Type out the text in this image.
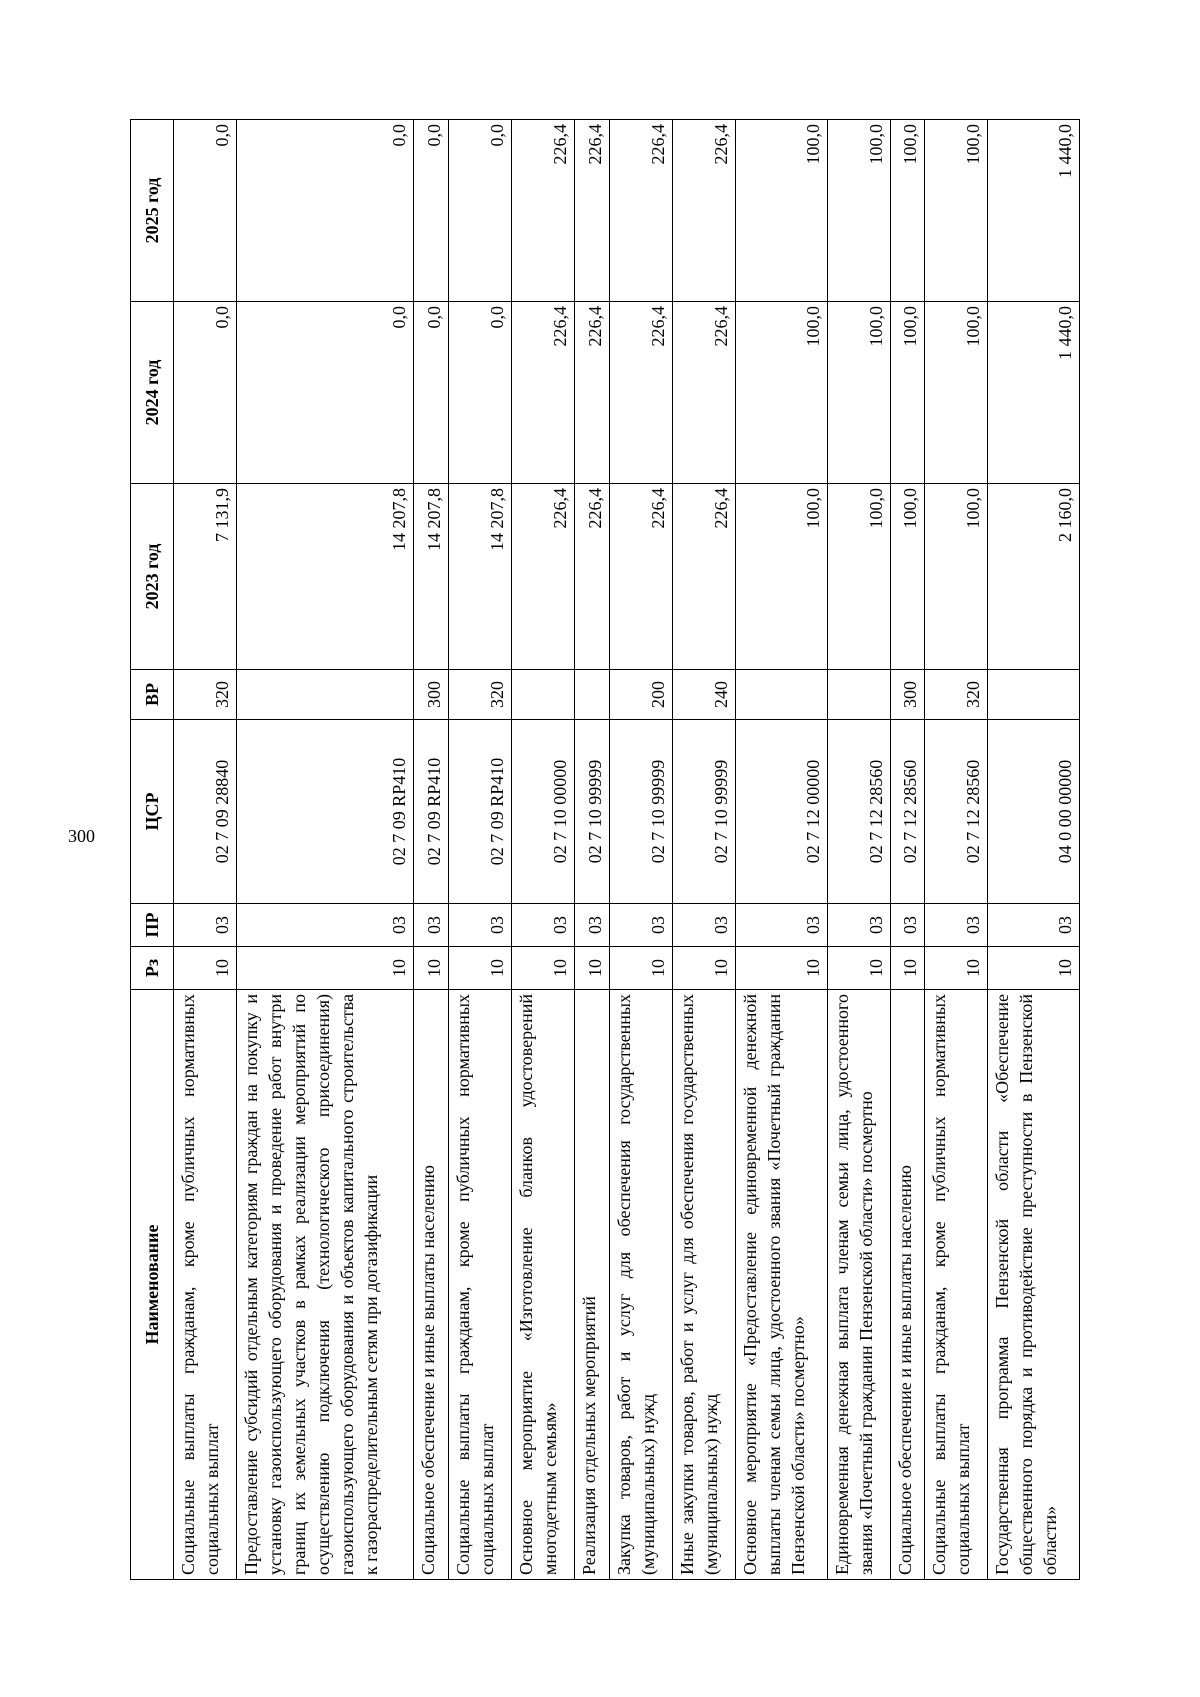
300
Наименование	Рз	ПР	ЦСР	ВР	2023 год	2024 год	2025 год
Социальные выплаты гражданам, кроме публичных нормативных социальных выплат	10	03	02 7 09 28840	320	7 131,9	0,0	0,0
Предоставление субсидий отдельным категориям граждан на покупку и установку газоиспользующего оборудования и проведение работ внутри границ их земельных участков в рамках реализации мероприятий по осуществлению подключения (технологического присоединения) газоиспользующего оборудования и объектов капитального строительства к газораспределительным сетям при догазификации	10	03	02 7 09 RP410		14 207,8	0,0	0,0
Социальное обеспечение и иные выплаты населению	10	03	02 7 09 RP410	300	14 207,8	0,0	0,0
Социальные выплаты гражданам, кроме публичных нормативных социальных выплат	10	03	02 7 09 RP410	320	14 207,8	0,0	0,0
Основное мероприятие «Изготовление бланков удостоверений многодетным семьям»	10	03	02 7 10 00000		226,4	226,4	226,4
Реализация отдельных мероприятий	10	03	02 7 10 99999		226,4	226,4	226,4
Закупка товаров, работ и услуг для обеспечения государственных (муниципальных) нужд	10	03	02 7 10 99999	200	226,4	226,4	226,4
Иные закупки товаров, работ и услуг для обеспечения государственных (муниципальных) нужд	10	03	02 7 10 99999	240	226,4	226,4	226,4
Основное мероприятие «Предоставление единовременной денежной выплаты членам семьи лица, удостоенного звания «Почетный гражданин Пензенской области» посмертно»	10	03	02 7 12 00000		100,0	100,0	100,0
Единовременная денежная выплата членам семьи лица, удостоенного звания «Почетный гражданин Пензенской области» посмертно	10	03	02 7 12 28560		100,0	100,0	100,0
Социальное обеспечение и иные выплаты населению	10	03	02 7 12 28560	300	100,0	100,0	100,0
Социальные выплаты гражданам, кроме публичных нормативных социальных выплат	10	03	02 7 12 28560	320	100,0	100,0	100,0
Государственная программа Пензенской области «Обеспечение общественного порядка и противодействие преступности в Пензенской области»	10	03	04 0 00 00000		2 160,0	1 440,0	1 440,0
